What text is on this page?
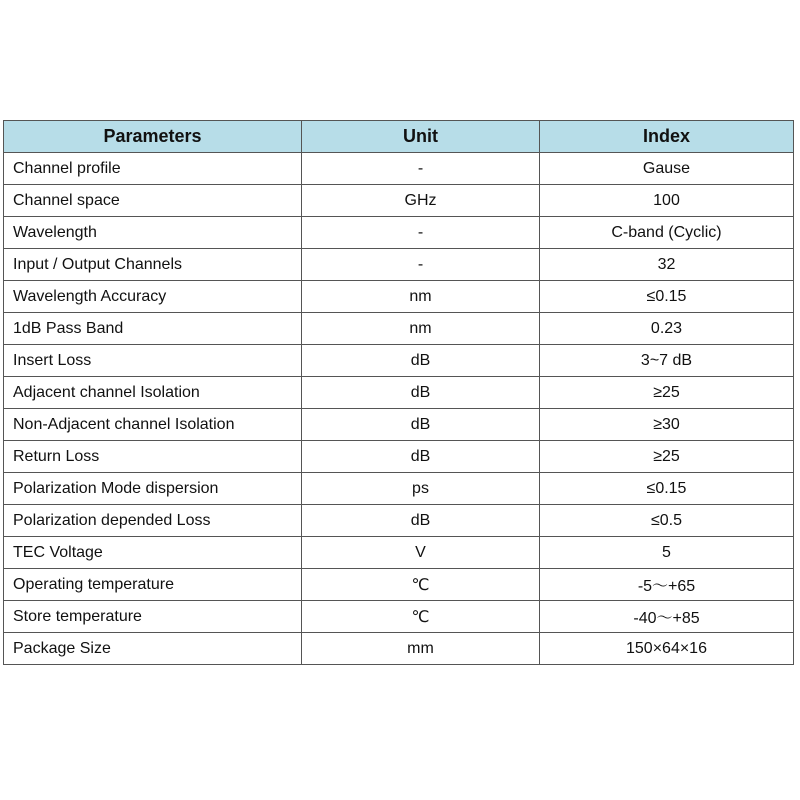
Parameters	Unit	Index
Channel profile	-	Gause
Channel space	GHz	100
Wavelength	-	C-band (Cyclic)
Input / Output Channels	-	32
Wavelength Accuracy	nm	≤0.15
1dB Pass Band	nm	0.23
Insert Loss	dB	3~7 dB
Adjacent channel Isolation	dB	≥25
Non-Adjacent channel Isolation	dB	≥30
Return Loss	dB	≥25
Polarization Mode dispersion	ps	≤0.15
Polarization depended Loss	dB	≤0.5
TEC Voltage	V	5
Operating temperature	℃	-5～+65
Store temperature	℃	-40～+85
Package Size	mm	150×64×16
